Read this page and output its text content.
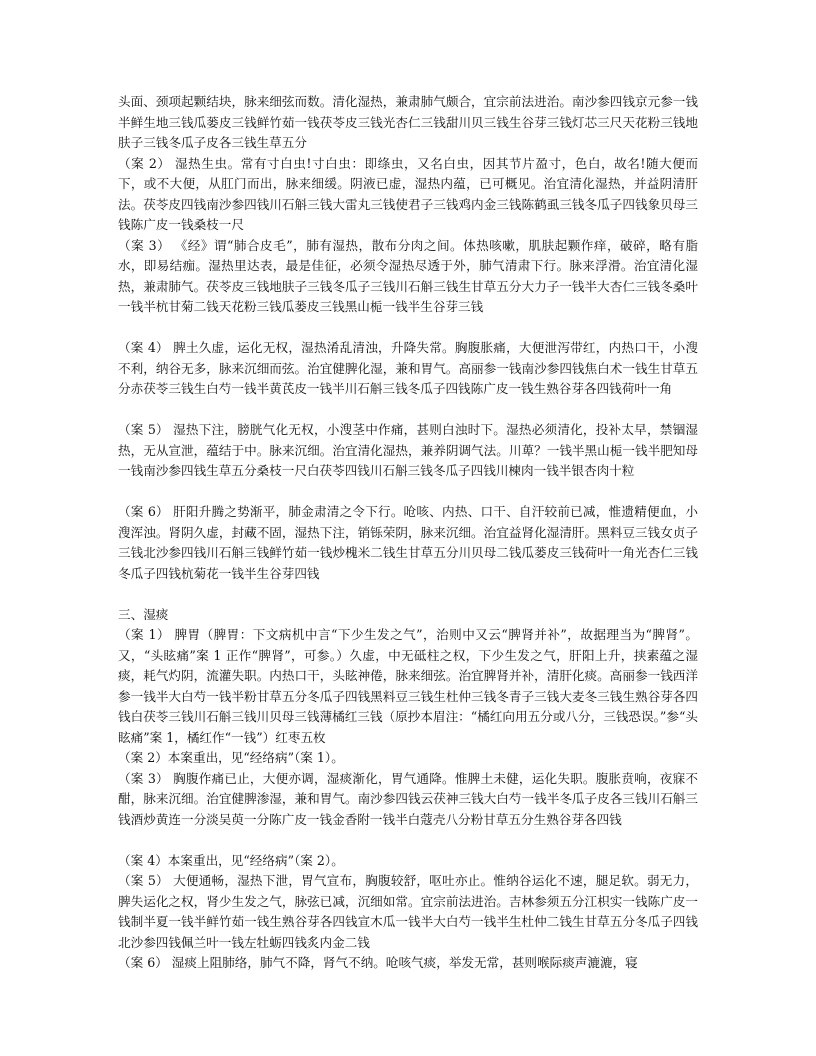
头面、颈项起颗结块，脉来细弦而数。清化湿热，兼肃肺气颇合，宜宗前法进治。南沙参四钱京元参一钱半鲜生地三钱瓜蒌皮三钱鲜竹茹一钱茯苓皮三钱光杏仁三钱甜川贝三钱生谷芽三钱灯芯三尺天花粉三钱地肤子三钱冬瓜子皮各三钱生草五分

（案 2） 湿热生虫。常有寸白虫!寸白虫：即绦虫，又名白虫，因其节片盈寸，色白，故名!随大便而下，或不大便，从肛门而出，脉来细缓。阴液已虚，湿热内蕴，已可概见。治宜清化湿热，并益阴清肝法。茯苓皮四钱南沙参四钱川石斛三钱大雷丸三钱使君子三钱鸡内金三钱陈鹤虱三钱冬瓜子四钱象贝母三钱陈广皮一钱桑枝一尺

（案 3） 《经》谓“肺合皮毛”，肺有湿热，散布分肉之间。体热咳嗽，肌肤起颗作痒，破碎，略有脂水，即易结痂。湿热里达表，最是佳征，必须令湿热尽透于外，肺气清肃下行。脉来浮滑。治宜清化湿热，兼肃肺气。茯苓皮三钱地肤子三钱冬瓜子三钱川石斛三钱生甘草五分大力子一钱半大杏仁三钱冬桑叶一钱半杭甘菊二钱天花粉三钱瓜蒌皮三钱黑山栀一钱半生谷芽三钱

（案 4） 脾土久虚，运化无权，湿热淆乱清浊，升降失常。胸腹胀痛，大便泄泻带红，内热口干，小溲不利，纳谷无多，脉来沉细而弦。治宜健脾化湿，兼和胃气。高丽参一钱南沙参四钱焦白术一钱生甘草五分赤茯苓三钱生白芍一钱半黄芪皮一钱半川石斛三钱冬瓜子四钱陈广皮一钱生熟谷芽各四钱荷叶一角

（案 5） 湿热下注，膀胱气化无权，小溲茎中作痛，甚则白浊时下。湿热必须清化，投补太早，禁锢湿热，无从宣泄，蕴结于中。脉来沉细。治宜清化湿热，兼养阴调气法。川萆？一钱半黑山栀一钱半肥知母一钱南沙参四钱生草五分桑枝一尺白茯苓四钱川石斛三钱冬瓜子四钱川楝肉一钱半银杏肉十粒

（案 6） 肝阳升腾之势渐平，肺金肃清之令下行。呛咳、内热、口干、自汗较前已减，惟遗精便血，小溲浑浊。肾阴久虚，封藏不固，湿热下注，销铄荣阴，脉来沉细。治宜益肾化湿清肝。黑料豆三钱女贞子三钱北沙参四钱川石斛三钱鲜竹茹一钱炒槐米二钱生甘草五分川贝母二钱瓜蒌皮三钱荷叶一角光杏仁三钱冬瓜子四钱杭菊花一钱半生谷芽四钱

三、湿痰

（案 1） 脾胃（脾胃：下文病机中言“下少生发之气”，治则中又云“脾肾并补”，故据理当为“脾肾”。又，“头眩痛”案 1 正作“脾肾”，可参。）久虚，中无砥柱之权，下少生发之气，肝阳上升，挟素蕴之湿痰，耗气灼阴，流灌失职。内热口干，头眩神倦，脉来细弦。治宜脾肾并补，清肝化痰。高丽参一钱西洋参一钱半大白芍一钱半粉甘草五分冬瓜子四钱黑料豆三钱生杜仲三钱冬青子三钱大麦冬三钱生熟谷芽各四钱白茯苓三钱川石斛三钱川贝母三钱薄橘红三钱（原抄本眉注：“橘红向用五分或八分，三钱恐误。”参“头眩痛”案 1，橘红作“一钱”）红枣五枚

（案 2）本案重出，见“经络病”（案 1）。

（案 3） 胸腹作痛已止，大便亦调，湿痰渐化，胃气通降。惟脾土未健，运化失职。腹胀贲响，夜寐不酣，脉来沉细。治宜健脾渗湿，兼和胃气。南沙参四钱云茯神三钱大白芍一钱半冬瓜子皮各三钱川石斛三钱酒炒黄连一分淡吴萸一分陈广皮一钱金香附一钱半白蔻壳八分粉甘草五分生熟谷芽各四钱

（案 4）本案重出，见“经络病”（案 2）。

（案 5） 大便通畅，湿热下泄，胃气宣布，胸腹较舒，呕吐亦止。惟纳谷运化不速，腿足软。弱无力，脾失运化之权，肾少生发之气，脉弦已减，沉细如常。宜宗前法进治。吉林参须五分江枳实一钱陈广皮一钱制半夏一钱半鲜竹茹一钱生熟谷芽各四钱宣木瓜一钱半大白芍一钱半生杜仲二钱生甘草五分冬瓜子四钱北沙参四钱佩兰叶一钱左牡蛎四钱炙内金二钱

（案 6） 湿痰上阻肺络，肺气不降，肾气不纳。呛咳气痰，举发无常，甚则喉际痰声漉漉，寝
